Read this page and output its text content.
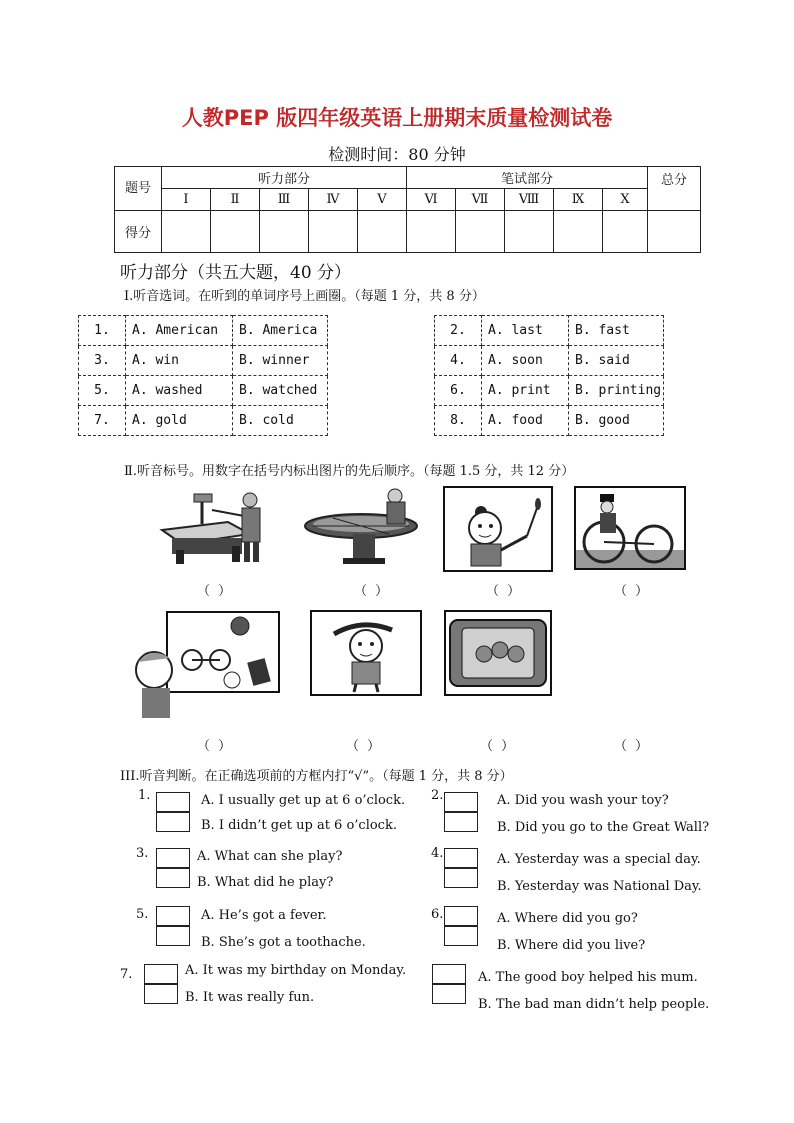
人教PEP 版四年级英语上册期末质量检测试卷
检测时间：80 分钟
题号	听力部分					笔试部分					总分
	Ⅰ	Ⅱ	Ⅲ	Ⅳ	Ⅴ	Ⅵ	Ⅶ	Ⅷ	Ⅸ	Ⅹ	
得分											
听力部分（共五大题，40 分）
Ⅰ.听音选词。在听到的单词序号上画圈。（每题 1 分，共 8 分）
1.	A. American	B. America
3.	A. win	B. winner
5.	A. washed	B. watched
7.	A. gold	B. cold
2.	A. last	B. fast
4.	A. soon	B. said
6.	A. print	B. printing
8.	A. food	B. good
Ⅱ.听音标号。用数字在括号内标出图片的先后顺序。（每题 1.5 分，共 12 分）
（ ）	（ ）	（ ）	（ ）
（ ）	（ ）	（ ）	（ ）
III.听音判断。在正确选项前的方框内打“√”。（每题 1 分，共 8 分）
1.	A. I usually get up at 6 o’clock.
B. I didn’t get up at 6 o’clock.
2.	A. Did you wash your toy?
B. Did you go to the Great Wall?
3.	A. What can she play?
B. What did he play?
4.	A. Yesterday was a special day.
B. Yesterday was National Day.
5.	A. He’s got a fever.
B. She’s got a toothache.
6.	A. Where did you go?
B. Where did you live?
7.	A. It was my birthday on Monday.
B. It was really fun.
A. The good boy helped his mum.
B. The bad man didn’t help people.
